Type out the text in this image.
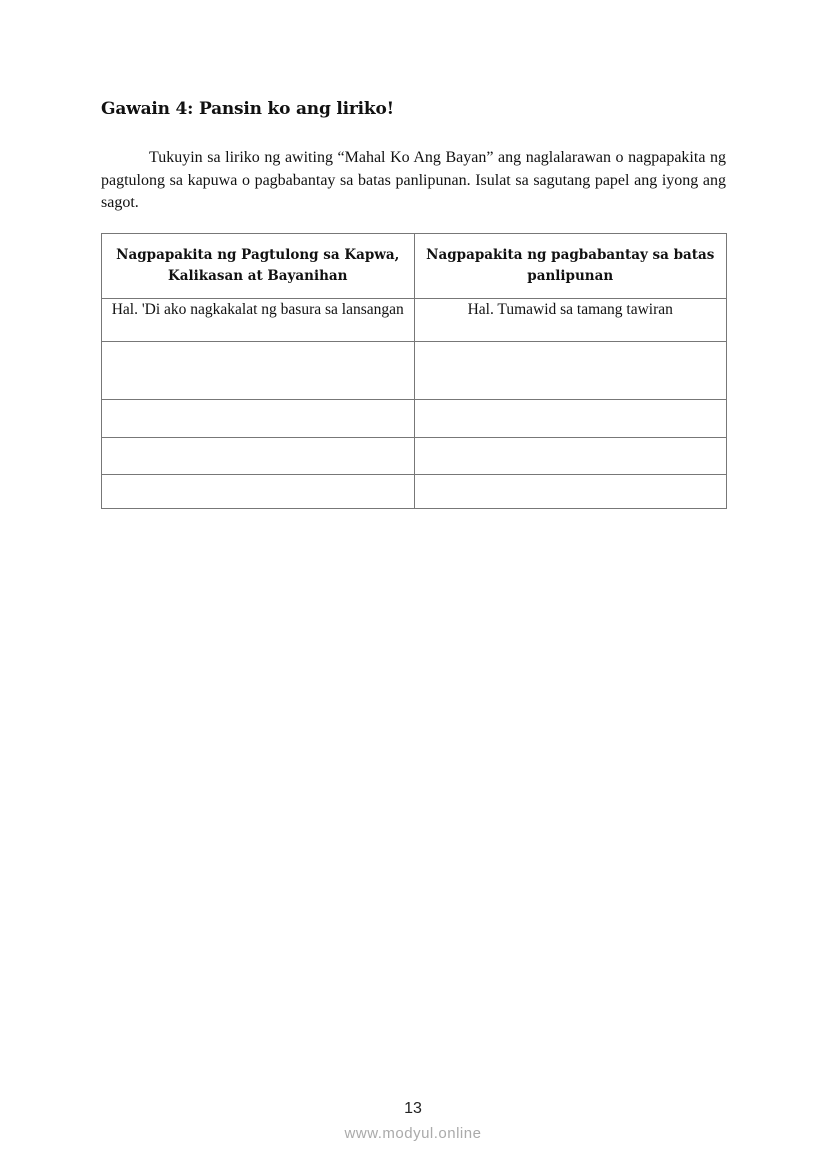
Gawain 4: Pansin ko ang liriko!
Tukuyin sa liriko ng awiting “Mahal Ko Ang Bayan” ang naglalarawan o nagpapakita ng pagtulong sa kapuwa o pagbabantay sa batas panlipunan. Isulat sa sagutang papel ang iyong ang sagot.
Nagpapakita ng Pagtulong sa Kapwa, Kalikasan at Bayanihan	Nagpapakita ng pagbabantay sa batas panlipunan
Hal. 'Di ako nagkakalat ng basura sa lansangan	Hal. Tumawid sa tamang tawiran

13
www.modyul.online
